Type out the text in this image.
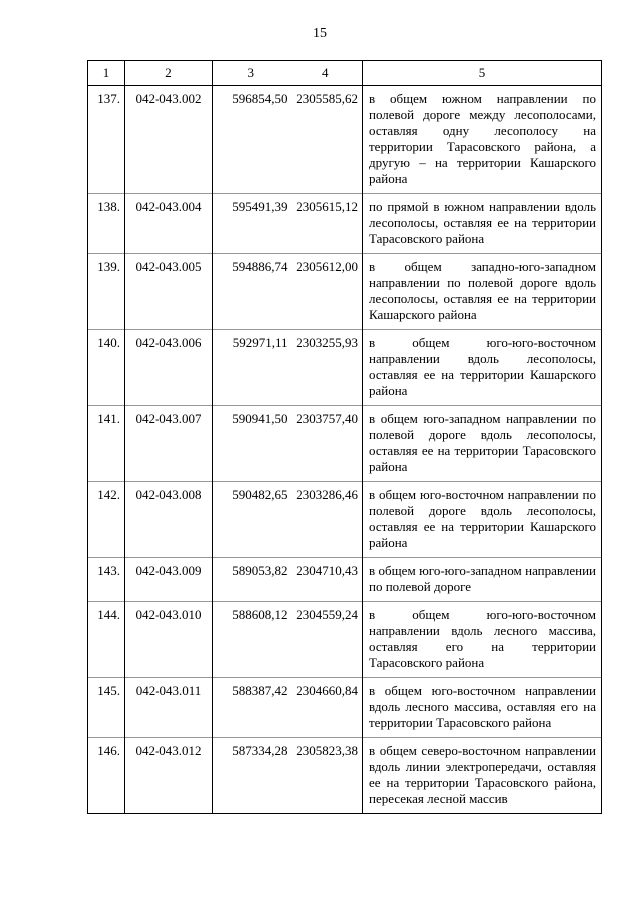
15
1	2	3	4	5
137.	042-043.002	596854,50	2305585,62	в общем южном направлении по полевой дороге между лесополосами, оставляя одну лесополосу на территории Тарасовского района, а другую – на территории Кашарского района
138.	042-043.004	595491,39	2305615,12	по прямой в южном направлении вдоль лесополосы, оставляя ее на территории Тарасовского района
139.	042-043.005	594886,74	2305612,00	в общем западно-юго-западном направлении по полевой дороге вдоль лесополосы, оставляя ее на территории Кашарского района
140.	042-043.006	592971,11	2303255,93	в общем юго-юго-восточном направлении вдоль лесополосы, оставляя ее на территории Кашарского района
141.	042-043.007	590941,50	2303757,40	в общем юго-западном направлении по полевой дороге вдоль лесополосы, оставляя ее на территории Тарасовского района
142.	042-043.008	590482,65	2303286,46	в общем юго-восточном направлении по полевой дороге вдоль лесополосы, оставляя ее на территории Кашарского района
143.	042-043.009	589053,82	2304710,43	в общем юго-юго-западном направлении по полевой дороге
144.	042-043.010	588608,12	2304559,24	в общем юго-юго-восточном направлении вдоль лесного массива, оставляя его на территории Тарасовского района
145.	042-043.011	588387,42	2304660,84	в общем юго-восточном направлении вдоль лесного массива, оставляя его на территории Тарасовского района
146.	042-043.012	587334,28	2305823,38	в общем северо-восточном направлении вдоль линии электропередачи, оставляя ее на территории Тарасовского района, пересекая лесной массив
